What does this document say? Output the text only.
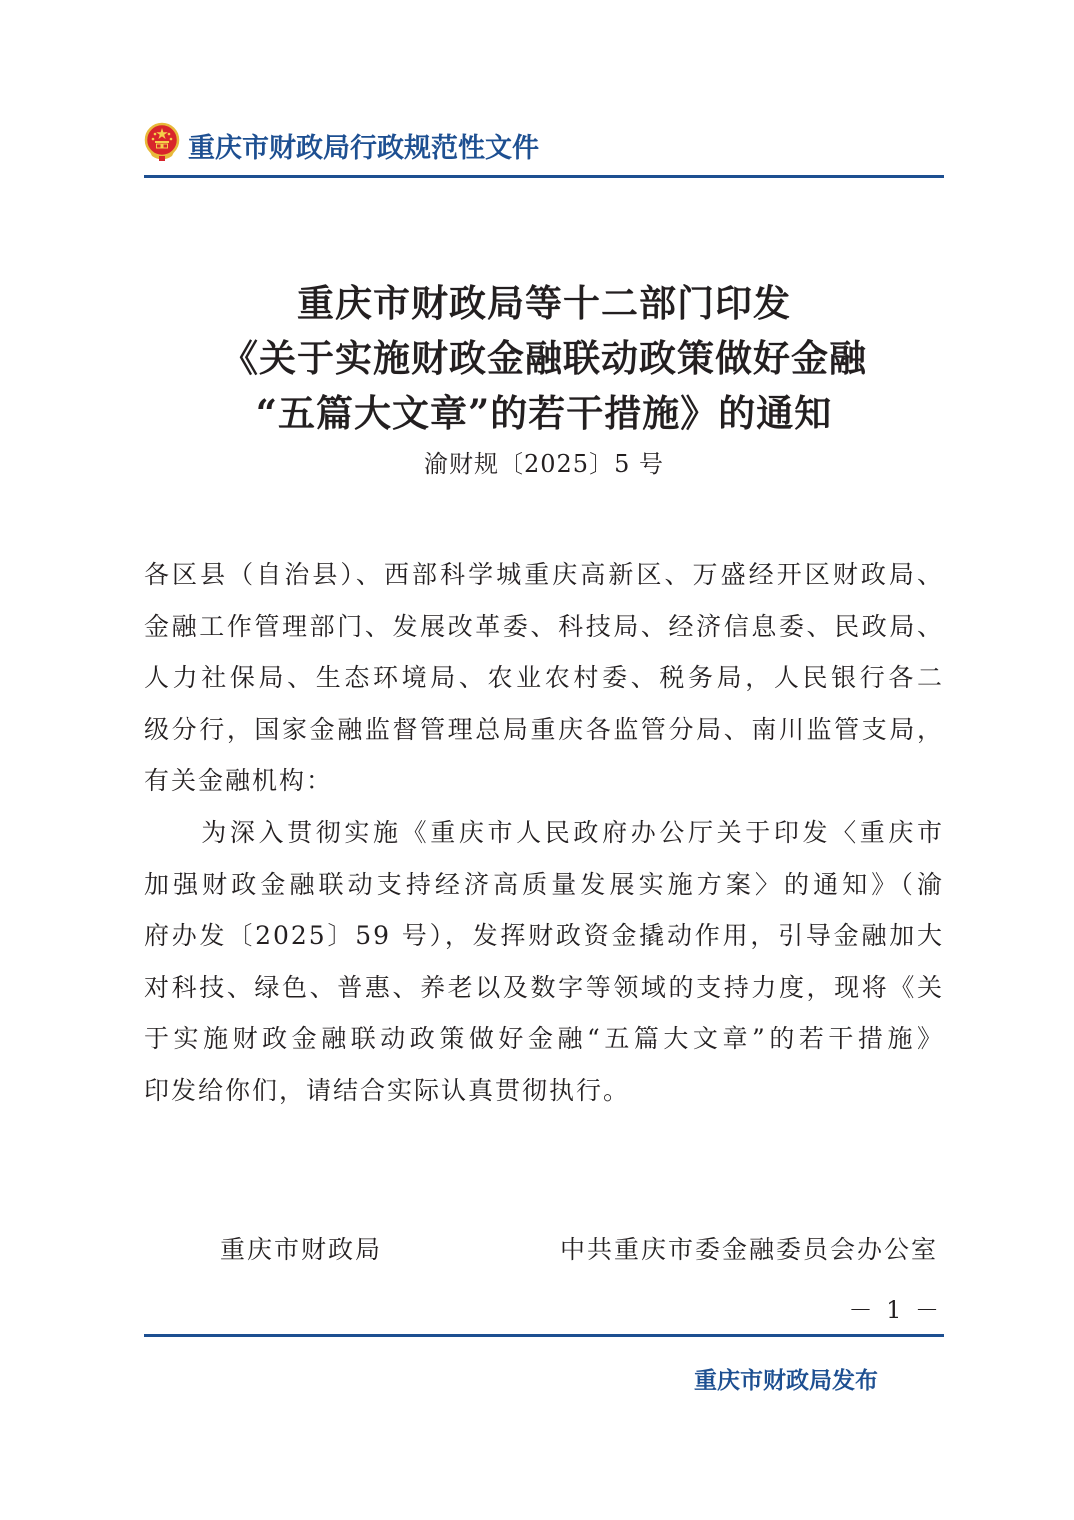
重庆市财政局行政规范性文件
重庆市财政局等十二部门印发
《关于实施财政金融联动政策做好金融
“五篇大文章”的若干措施》的通知
渝财规〔2025〕5 号
各区县（自治县）、西部科学城重庆高新区、万盛经开区财政局、
金融工作管理部门、发展改革委、科技局、经济信息委、民政局、
人力社保局、生态环境局、农业农村委、税务局，人民银行各二
级分行，国家金融监督管理总局重庆各监管分局、南川监管支局，
有关金融机构：
　　为深入贯彻实施《重庆市人民政府办公厅关于印发〈重庆市
加强财政金融联动支持经济高质量发展实施方案〉的通知》（渝
府办发〔2025〕59 号），发挥财政资金撬动作用，引导金融加大
对科技、绿色、普惠、养老以及数字等领域的支持力度，现将《关
于实施财政金融联动政策做好金融“五篇大文章”的若干措施》
印发给你们，请结合实际认真贯彻执行。
重庆市财政局	中共重庆市委金融委员会办公室
－ 1 －
重庆市财政局发布
